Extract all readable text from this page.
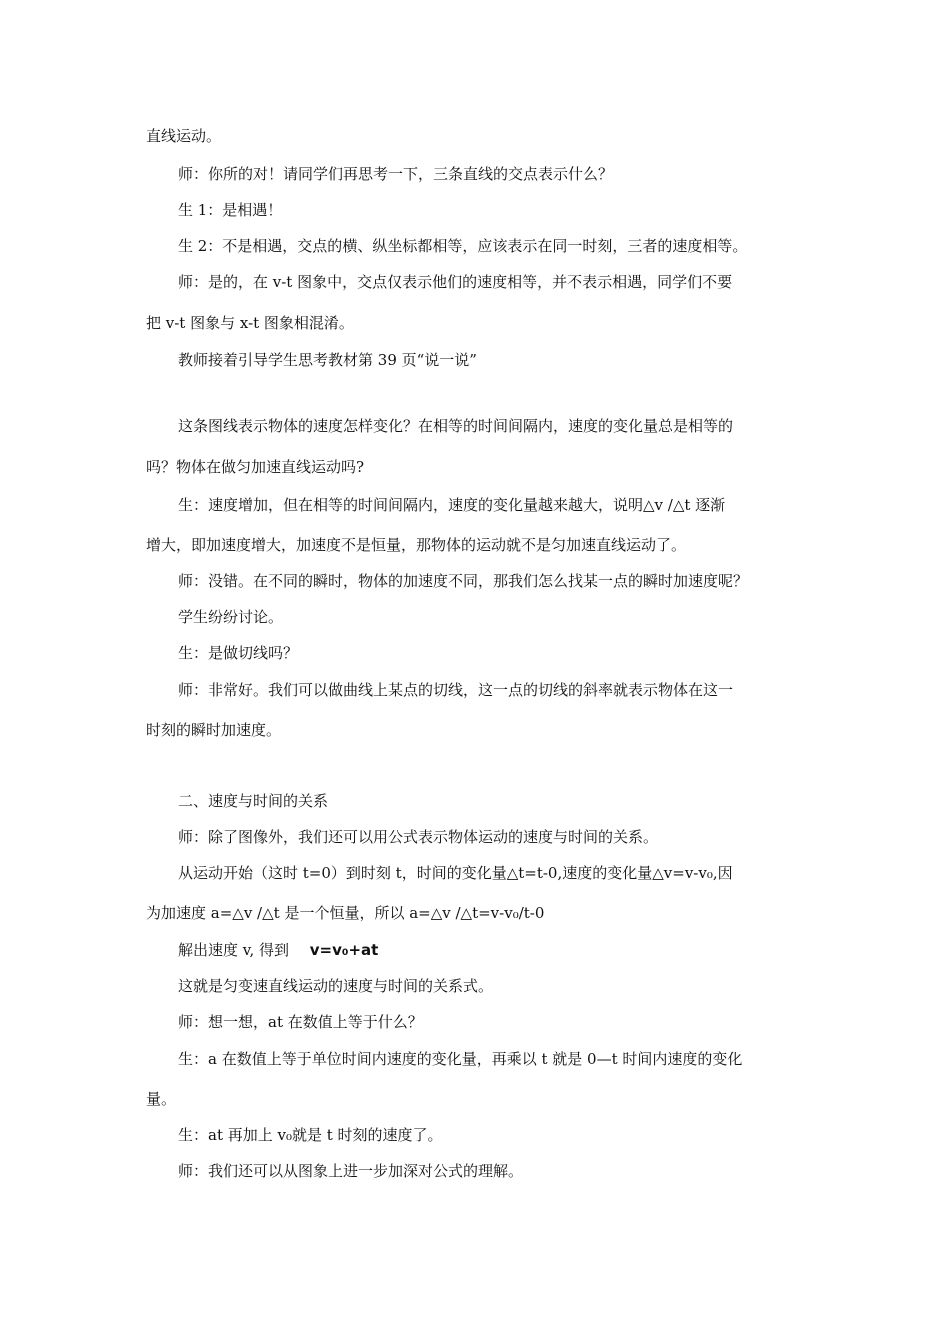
直线运动。
师：你所的对！请同学们再思考一下，三条直线的交点表示什么？
生 1：是相遇！
生 2：不是相遇，交点的横、纵坐标都相等，应该表示在同一时刻，三者的速度相等。
师：是的，在 v-t 图象中，交点仅表示他们的速度相等，并不表示相遇，同学们不要
把 v-t 图象与 x-t 图象相混淆。
教师接着引导学生思考教材第 39 页“说一说”
这条图线表示物体的速度怎样变化？在相等的时间间隔内，速度的变化量总是相等的
吗？物体在做匀加速直线运动吗?
生：速度增加，但在相等的时间间隔内，速度的变化量越来越大，说明△v /△t 逐渐
增大，即加速度增大，加速度不是恒量，那物体的运动就不是匀加速直线运动了。
师：没错。在不同的瞬时，物体的加速度不同，那我们怎么找某一点的瞬时加速度呢？
学生纷纷讨论。
生：是做切线吗？
师：非常好。我们可以做曲线上某点的切线，这一点的切线的斜率就表示物体在这一
时刻的瞬时加速度。
二、速度与时间的关系
师：除了图像外，我们还可以用公式表示物体运动的速度与时间的关系。
从运动开始（这时 t=0）到时刻 t，时间的变化量△t=t-0,速度的变化量△v=v-v₀,因
为加速度 a=△v /△t 是一个恒量，所以 a=△v /△t=v-v₀/t-0
解出速度 v, 得到 v=v₀+at
这就是匀变速直线运动的速度与时间的关系式。
师：想一想，at 在数值上等于什么？
生：a 在数值上等于单位时间内速度的变化量，再乘以 t 就是 0—t 时间内速度的变化
量。
生：at 再加上 v₀就是 t 时刻的速度了。
师：我们还可以从图象上进一步加深对公式的理解。
